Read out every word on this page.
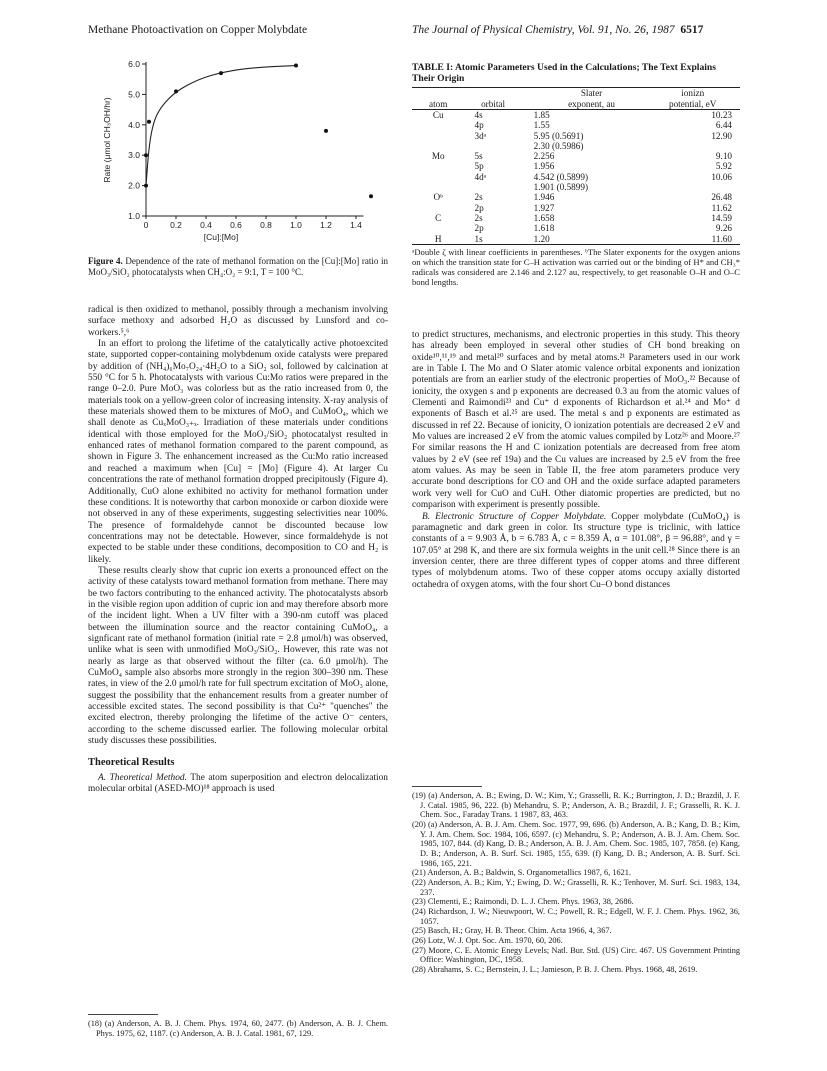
Methane Photoactivation on Copper Molybdate	The Journal of Physical Chemistry, Vol. 91, No. 26, 1987 6517
1.0
2.0
3.0
4.0
5.0
6.0
0	0.2 0.4 0.6 0.8 1.0 1.2 1.4
Rate (μmol CH₃OH/hr)
[Cu]:[Mo]
Figure 4. Dependence of the rate of methanol formation on the [Cu]:[Mo] ratio in MoO₃/SiO₂ photocatalysts when CH₄:O₂ = 9:1, T = 100 °C.
TABLE I: Atomic Parameters Used in the Calculations; The Text Explains Their Origin
		Slater	ionizn
atom	orbital	exponent, au	potential, eV
Cu	4s	1.85	10.23
	4p	1.55	6.44
	3dᵃ	5.95 (0.5691)	12.90
		2.30 (0.5986)	
Mo	5s	2.256	9.10
	5p	1.956	5.92
	4dᵃ	4.542 (0.5899)	10.06
		1.901 (0.5899)	
Oᵇ	2s	1.946	26.48
	2p	1.927	11.62
C	2s	1.658	14.59
	2p	1.618	9.26
H	1s	1.20	11.60
ᵃDouble ζ with linear coefficients in parentheses. ᵇThe Slater exponents for the oxygen anions on which the transition state for C–H activation was carried out or the binding of H* and CH₃* radicals was considered are 2.146 and 2.127 au, respectively, to get reasonable O–H and O–C bond lengths.

radical is then oxidized to methanol, possibly through a mechanism involving surface methoxy and adsorbed H₂O as discussed by Lunsford and co-workers.⁵,⁶

In an effort to prolong the lifetime of the catalytically active photoexcited state, supported copper-containing molybdenum oxide catalysts were prepared by addition of (NH₄)₆Mo₇O₂₄·4H₂O to a SiO₂ sol, followed by calcination at 550 °C for 5 h. Photocatalysts with various Cu:Mo ratios were prepared in the range 0–2.0. Pure MoO₃ was colorless but as the ratio increased from 0, the materials took on a yellow-green color of increasing intensity. X-ray analysis of these materials showed them to be mixtures of MoO₃ and CuMoO₄, which we shall denote as CuₓMoO₃₊ₓ. Irradiation of these materials under conditions identical with those employed for the MoO₃/SiO₂ photocatalyst resulted in enhanced rates of methanol formation compared to the parent compound, as shown in Figure 3. The enhancement increased as the Cu:Mo ratio increased and reached a maximum when [Cu] = [Mo] (Figure 4). At larger Cu concentrations the rate of methanol formation dropped precipitously (Figure 4). Additionally, CuO alone exhibited no activity for methanol formation under these conditions. It is noteworthy that carbon monoxide or carbon dioxide were not observed in any of these experiments, suggesting selectivities near 100%. The presence of formaldehyde cannot be discounted because low concentrations may not be detectable. However, since formaldehyde is not expected to be stable under these conditions, decomposition to CO and H₂ is likely.

These results clearly show that cupric ion exerts a pronounced effect on the activity of these catalysts toward methanol formation from methane. There may be two factors contributing to the enhanced activity. The photocatalysts absorb in the visible region upon addition of cupric ion and may therefore absorb more of the incident light. When a UV filter with a 390-nm cutoff was placed between the illumination source and the reactor containing CuMoO₄, a signficant rate of methanol formation (initial rate = 2.8 μmol/h) was observed, unlike what is seen with unmodified MoO₃/SiO₂. However, this rate was not nearly as large as that observed without the filter (ca. 6.0 μmol/h). The CuMoO₄ sample also absorbs more strongly in the region 300–390 nm. These rates, in view of the 2.0 μmol/h rate for full spectrum excitation of MoO₃ alone, suggest the possibility that the enhancement results from a greater number of accessible excited states. The second possibility is that Cu²⁺ "quenches" the excited electron, thereby prolonging the lifetime of the active O⁻ centers, according to the scheme discussed earlier. The following molecular orbital study discusses these possibilities.

Theoretical Results

A. Theoretical Method. The atom superposition and electron delocalization molecular orbital (ASED-MO)¹⁸ approach is used

(18) (a) Anderson, A. B. J. Chem. Phys. 1974, 60, 2477. (b) Anderson, A. B. J. Chem. Phys. 1975, 62, 1187. (c) Anderson, A. B. J. Catal. 1981, 67, 129.

to predict structures, mechanisms, and electronic properties in this study. This theory has already been employed in several other studies of CH bond breaking on oxide¹⁰,¹¹,¹⁹ and metal²⁰ surfaces and by metal atoms.²¹ Parameters used in our work are in Table I. The Mo and O Slater atomic valence orbital exponents and ionization potentials are from an earlier study of the electronic properties of MoO₃.²² Because of ionicity, the oxygen s and p exponents are decreased 0.3 au from the atomic values of Clementi and Raimondi²³ and Cu⁺ d exponents of Richardson et al.²⁴ and Mo⁺ d exponents of Basch et al.²⁵ are used. The metal s and p exponents are estimated as discussed in ref 22. Because of ionicity, O ionization potentials are decreased 2 eV and Mo values are increased 2 eV from the atomic values compiled by Lotz²⁶ and Moore.²⁷ For similar reasons the H and C ionization potentials are decreased from free atom values by 2 eV (see ref 19a) and the Cu values are increased by 2.5 eV from the free atom values. As may be seen in Table II, the free atom parameters produce very accurate bond descriptions for CO and OH and the oxide surface adapted parameters work very well for CuO and CuH. Other diatomic properties are predicted, but no comparison with experiment is presently possible.

B. Electronic Structure of Copper Molybdate. Copper molybdate (CuMoO₄) is paramagnetic and dark green in color. Its structure type is triclinic, with lattice constants of a = 9.903 Å, b = 6.783 Å, c = 8.359 Å, α = 101.08°, β = 96.88°, and γ = 107.05° at 298 K, and there are six formula weights in the unit cell.²⁸ Since there is an inversion center, there are three different types of copper atoms and three different types of molybdenum atoms. Two of these copper atoms occupy axially distorted octahedra of oxygen atoms, with the four short Cu–O bond distances

(19) (a) Anderson, A. B.; Ewing, D. W.; Kim, Y.; Grasselli, R. K.; Burrington, J. D.; Brazdil, J. F. J. Catal. 1985, 96, 222. (b) Mehandru, S. P.; Anderson, A. B.; Brazdil, J. F.; Grasselli, R. K. J. Chem. Soc., Faraday Trans. 1 1987, 83, 463.

(20) (a) Anderson, A. B. J. Am. Chem. Soc. 1977, 99, 696. (b) Anderson, A. B.; Kang, D. B.; Kim, Y. J. Am. Chem. Soc. 1984, 106, 6597. (c) Mehandru, S. P.; Anderson, A. B. J. Am. Chem. Soc. 1985, 107, 844. (d) Kang, D. B.; Anderson, A. B. J. Am. Chem. Soc. 1985, 107, 7858. (e) Kang, D. B.; Anderson, A. B. Surf. Sci. 1985, 155, 639. (f) Kang, D. B.; Anderson, A. B. Surf. Sci. 1986, 165, 221.

(21) Anderson, A. B.; Baldwin, S. Organometallics 1987, 6, 1621.

(22) Anderson, A. B.; Kim, Y.; Ewing, D. W.; Grasselli, R. K.; Tenhover, M. Surf. Sci. 1983, 134, 237.

(23) Clementi, E.; Raimondi, D. L. J. Chem. Phys. 1963, 38, 2686.

(24) Richardson, J. W.; Nieuwpoort, W. C.; Powell, R. R.; Edgell, W. F. J. Chem. Phys. 1962, 36, 1057.

(25) Basch, H.; Gray, H. B. Theor. Chim. Acta 1966, 4, 367.

(26) Lotz, W. J. Opt. Soc. Am. 1970, 60, 206.

(27) Moore, C. E. Atomic Enegy Levels; Natl. Bur. Std. (US) Circ. 467. US Government Printing Office: Washington, DC, 1958.

(28) Abrahams, S. C.; Bernstein, J. L.; Jamieson, P. B. J. Chem. Phys. 1968, 48, 2619.
